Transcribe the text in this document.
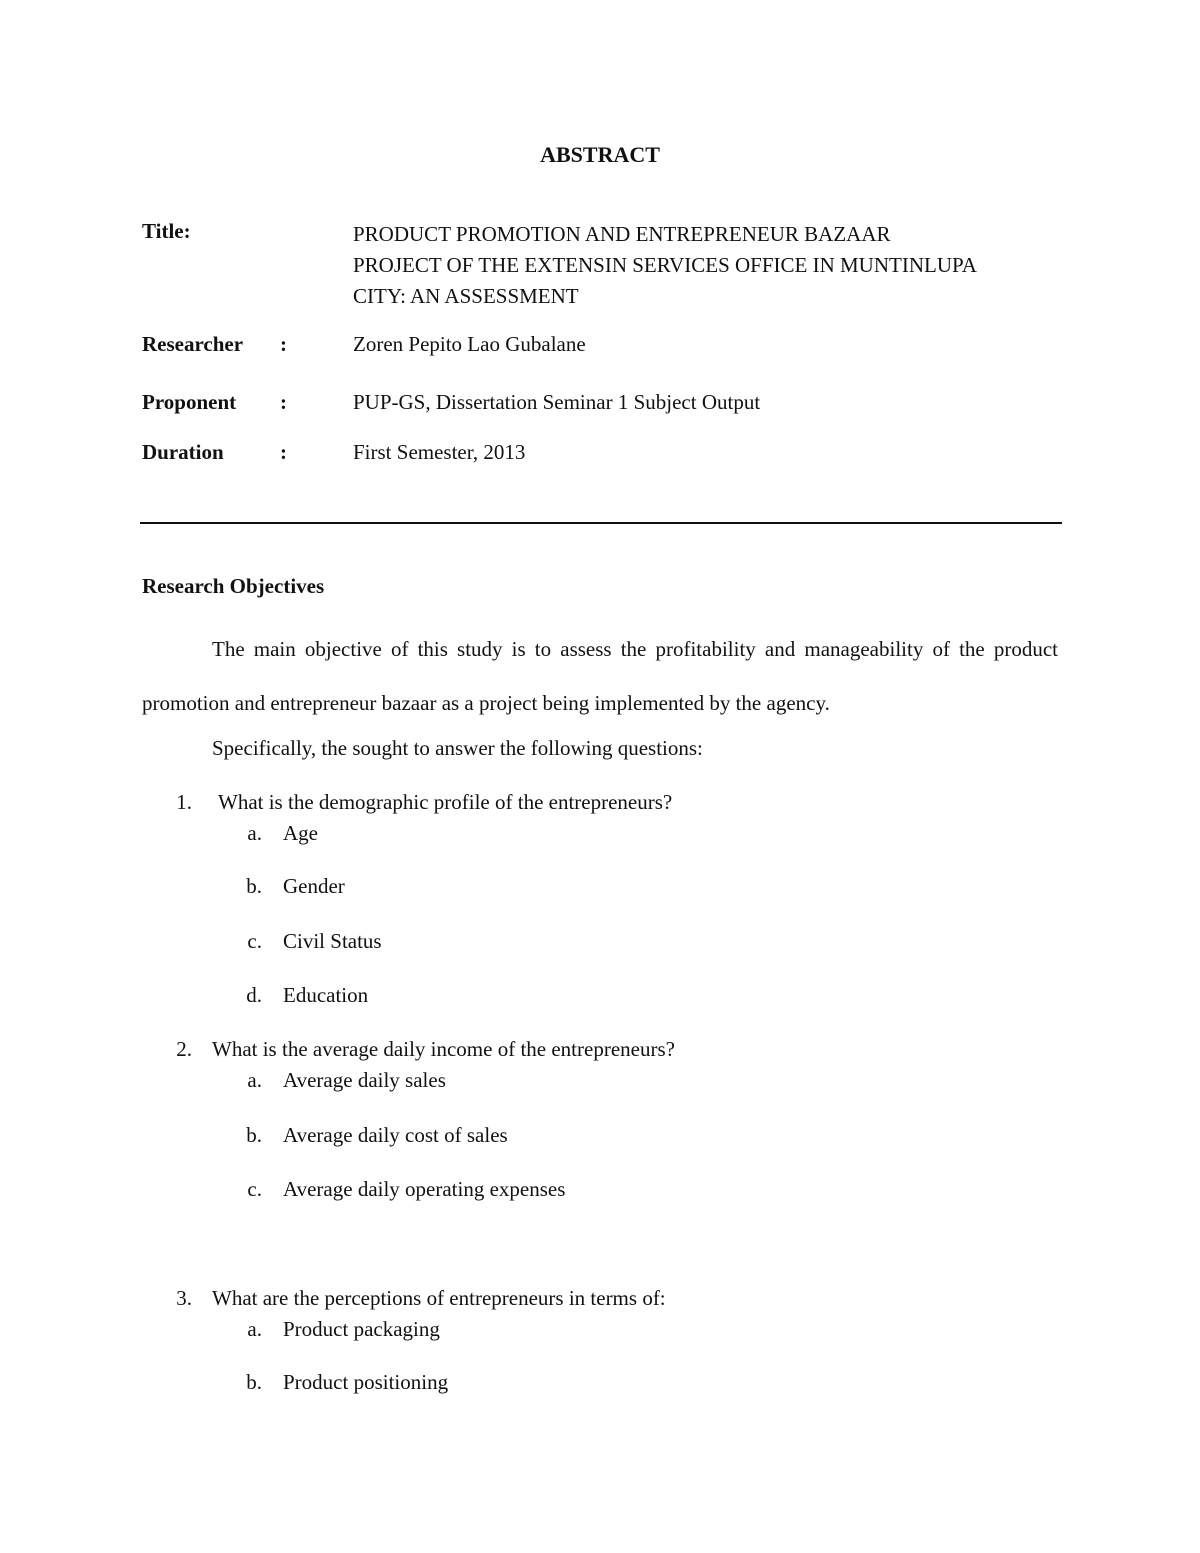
ABSTRACT
Title:	PRODUCT PROMOTION AND ENTREPRENEUR BAZAAR
PROJECT OF THE EXTENSIN SERVICES OFFICE IN MUNTINLUPA
CITY: AN ASSESSMENT
Researcher :	Zoren Pepito Lao Gubalane
Proponent :	PUP-GS, Dissertation Seminar 1 Subject Output
Duration	:	First Semester, 2013
Research Objectives
The main objective of this study is to assess the profitability and manageability of the product promotion and entrepreneur bazaar as a project being implemented by the agency.
Specifically, the sought to answer the following questions:
1. What is the demographic profile of the entrepreneurs?
a. Age
b. Gender
c. Civil Status
d. Education
2. What is the average daily income of the entrepreneurs?
a. Average daily sales
b. Average daily cost of sales
c. Average daily operating expenses
3. What are the perceptions of entrepreneurs in terms of:
a. Product packaging
b. Product positioning
